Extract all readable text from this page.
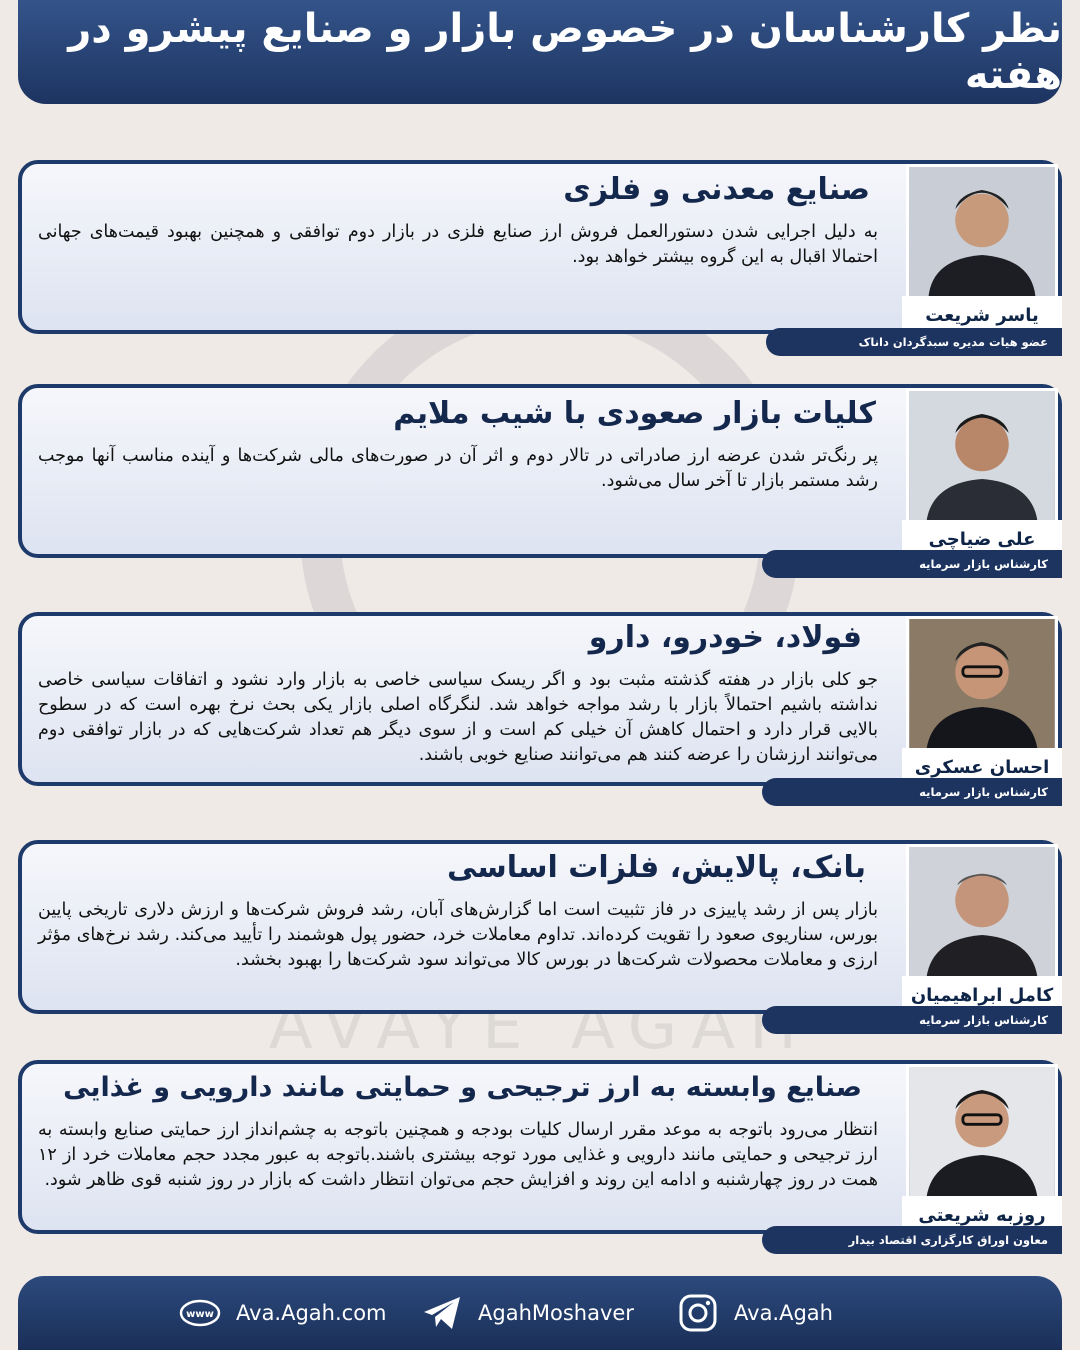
AVAYE AGAH
نظر کارشناسان در خصوص بازار و صنایع پیشرو در هفته
صنایع معدنی و فلزی
به دلیل اجرایی شدن دستورالعمل فروش ارز صنایع فلزی در بازار دوم توافقی و همچنین بهبود قیمت‌های جهانی احتمالا اقبال به این گروه بیشتر خواهد بود.
یاسر شریعت
عضو هیات مدیره سبدگردان داناک
کلیات بازار صعودی با شیب ملایم
پر رنگ‌تر شدن عرضه ارز صادراتی در تالار دوم و اثر آن در صورت‌های مالی شرکت‌ها و آینده مناسب آنها موجب رشد مستمر بازار تا آخر سال می‌شود.
علی ضیاچی
کارشناس بازار سرمایه
فولاد، خودرو، دارو
جو کلی بازار در هفته گذشته مثبت بود و اگر ریسک سیاسی خاصی به بازار وارد نشود و اتفاقات سیاسی خاصی نداشته باشیم احتمالاً بازار با رشد مواجه خواهد شد. لنگرگاه اصلی بازار یکی بحث نرخ بهره است که در سطوح بالایی قرار دارد و احتمال کاهش آن خیلی کم است و از سوی دیگر هم تعداد شرکت‌هایی که در بازار توافقی دوم می‌توانند ارزشان را عرضه کنند هم می‌توانند صنایع خوبی باشند.
احسان عسکری
کارشناس بازار سرمایه
بانک، پالایش، فلزات اساسی
بازار پس از رشد پاییزی در فاز تثبیت است اما گزارش‌های آبان، رشد فروش شرکت‌ها و ارزش دلاری تاریخی پایین بورس، سناریوی صعود را تقویت کرده‌اند. تداوم معاملات خرد، حضور پول هوشمند را تأیید می‌کند. رشد نرخ‌های مؤثر ارزی و معاملات محصولات شرکت‌ها در بورس کالا می‌تواند سود شرکت‌ها را بهبود بخشد.
کامل ابراهیمیان
کارشناس بازار سرمایه
صنایع وابسته به ارز ترجیحی و حمایتی مانند دارویی و غذایی
انتظار می‌رود باتوجه به موعد مقرر ارسال کلیات بودجه و همچنین باتوجه به چشم‌انداز ارز حمایتی صنایع وابسته به ارز ترجیحی و حمایتی مانند دارویی و غذایی مورد توجه بیشتری باشند.باتوجه به عبور مجدد حجم معاملات خرد از ۱۲ همت در روز چهارشنبه و ادامه این روند و افزایش حجم می‌توان انتظار داشت که بازار در روز شنبه قوی ظاهر شود.
روزبه شریعتی
معاون اوراق کارگزاری اقتصاد بیدار
www Ava.Agah.com	AgahMoshaver	Ava.Agah
